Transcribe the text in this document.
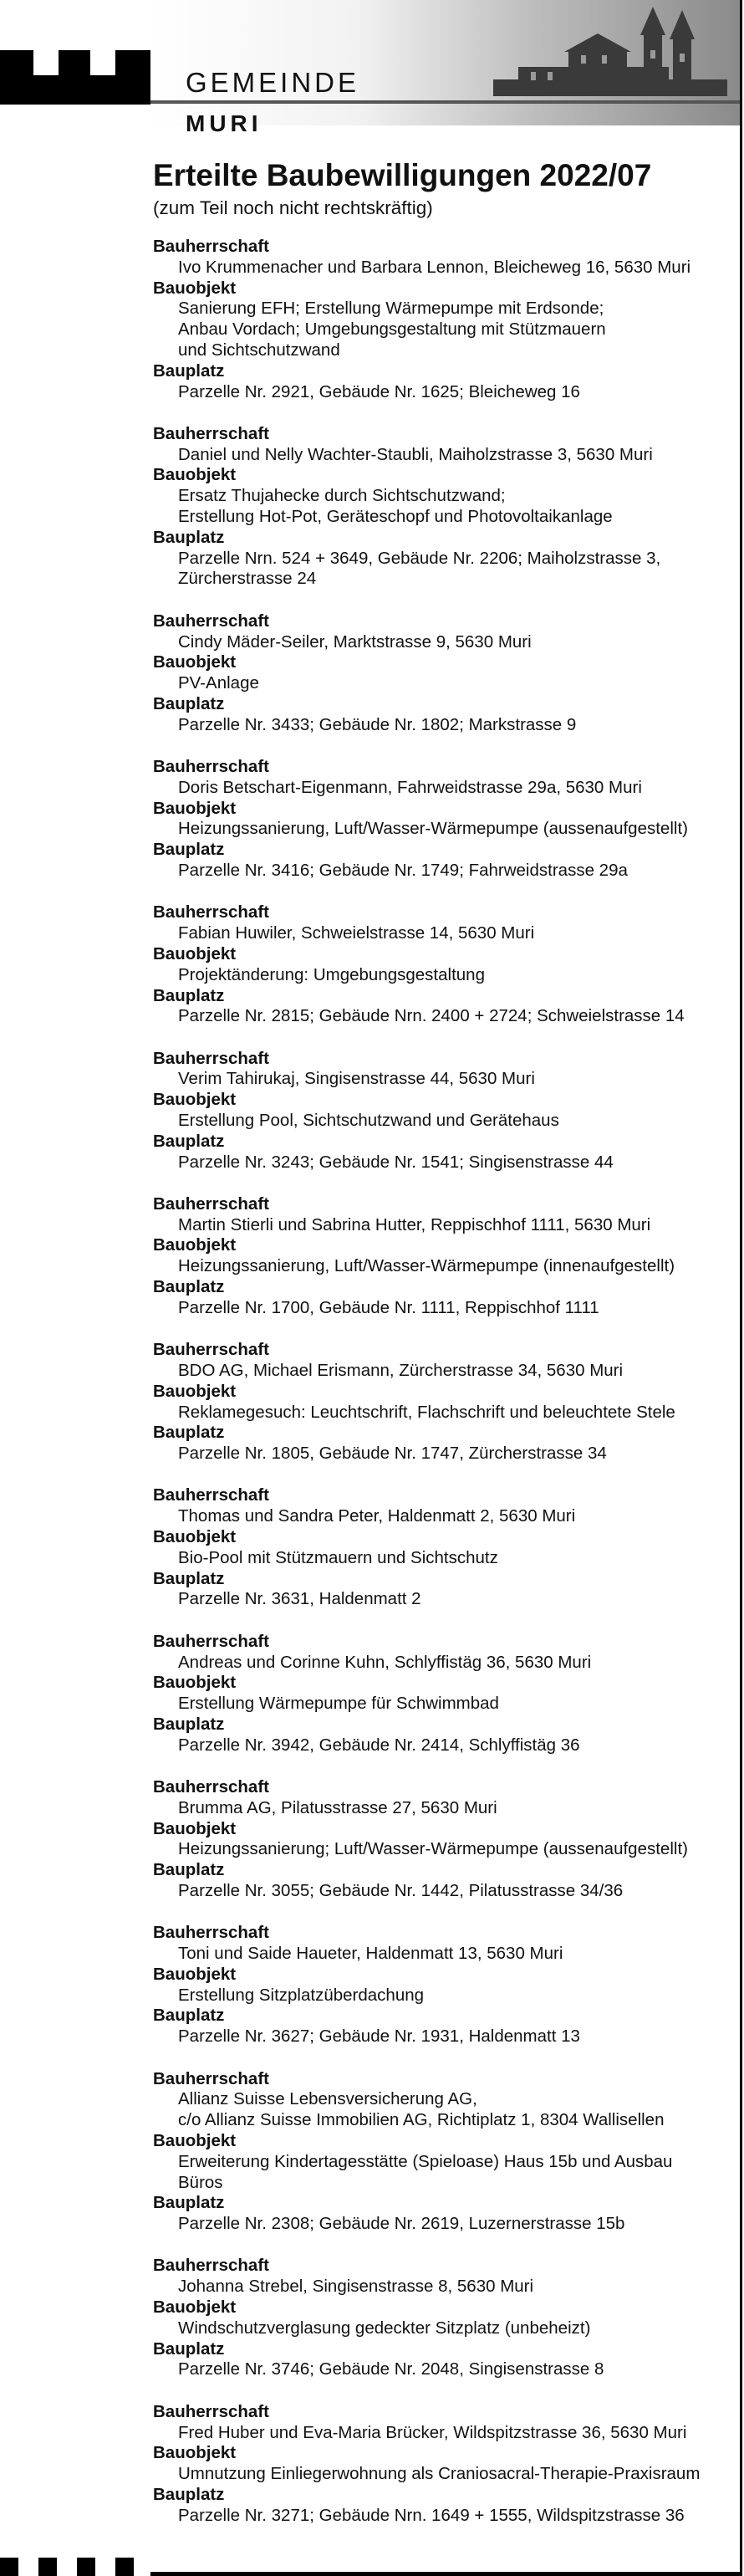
GEMEINDE
MURI
Erteilte Baubewilligungen 2022/07
(zum Teil noch nicht rechtskräftig)
Bauherrschaft
Ivo Krummenacher und Barbara Lennon, Bleicheweg 16, 5630 Muri
Bauobjekt
Sanierung EFH; Erstellung Wärmepumpe mit Erdsonde;
Anbau Vordach; Umgebungsgestaltung mit Stützmauern
und Sichtschutzwand
Bauplatz
Parzelle Nr. 2921, Gebäude Nr. 1625; Bleicheweg 16
Bauherrschaft
Daniel und Nelly Wachter-Staubli, Maiholzstrasse 3, 5630 Muri
Bauobjekt
Ersatz Thujahecke durch Sichtschutzwand;
Erstellung Hot-Pot, Geräteschopf und Photovoltaikanlage
Bauplatz
Parzelle Nrn. 524 + 3649, Gebäude Nr. 2206; Maiholzstrasse 3,
Zürcherstrasse 24
Bauherrschaft
Cindy Mäder-Seiler, Marktstrasse 9, 5630 Muri
Bauobjekt
PV-Anlage
Bauplatz
Parzelle Nr. 3433; Gebäude Nr. 1802; Markstrasse 9
Bauherrschaft
Doris Betschart-Eigenmann, Fahrweidstrasse 29a, 5630 Muri
Bauobjekt
Heizungssanierung, Luft/Wasser-Wärmepumpe (aussenaufgestellt)
Bauplatz
Parzelle Nr. 3416; Gebäude Nr. 1749; Fahrweidstrasse 29a
Bauherrschaft
Fabian Huwiler, Schweielstrasse 14, 5630 Muri
Bauobjekt
Projektänderung: Umgebungsgestaltung
Bauplatz
Parzelle Nr. 2815; Gebäude Nrn. 2400 + 2724; Schweielstrasse 14
Bauherrschaft
Verim Tahirukaj, Singisenstrasse 44, 5630 Muri
Bauobjekt
Erstellung Pool, Sichtschutzwand und Gerätehaus
Bauplatz
Parzelle Nr. 3243; Gebäude Nr. 1541; Singisenstrasse 44
Bauherrschaft
Martin Stierli und Sabrina Hutter, Reppischhof 1111, 5630 Muri
Bauobjekt
Heizungssanierung, Luft/Wasser-Wärmepumpe (innenaufgestellt)
Bauplatz
Parzelle Nr. 1700, Gebäude Nr. 1111, Reppischhof 1111
Bauherrschaft
BDO AG, Michael Erismann, Zürcherstrasse 34, 5630 Muri
Bauobjekt
Reklamegesuch: Leuchtschrift, Flachschrift und beleuchtete Stele
Bauplatz
Parzelle Nr. 1805, Gebäude Nr. 1747, Zürcherstrasse 34
Bauherrschaft
Thomas und Sandra Peter, Haldenmatt 2, 5630 Muri
Bauobjekt
Bio-Pool mit Stützmauern und Sichtschutz
Bauplatz
Parzelle Nr. 3631, Haldenmatt 2
Bauherrschaft
Andreas und Corinne Kuhn, Schlyffistäg 36, 5630 Muri
Bauobjekt
Erstellung Wärmepumpe für Schwimmbad
Bauplatz
Parzelle Nr. 3942, Gebäude Nr. 2414, Schlyffistäg 36
Bauherrschaft
Brumma AG, Pilatusstrasse 27, 5630 Muri
Bauobjekt
Heizungssanierung; Luft/Wasser-Wärmepumpe (aussenaufgestellt)
Bauplatz
Parzelle Nr. 3055; Gebäude Nr. 1442, Pilatusstrasse 34/36
Bauherrschaft
Toni und Saide Haueter, Haldenmatt 13, 5630 Muri
Bauobjekt
Erstellung Sitzplatzüberdachung
Bauplatz
Parzelle Nr. 3627; Gebäude Nr. 1931, Haldenmatt 13
Bauherrschaft
Allianz Suisse Lebensversicherung AG,
c/o Allianz Suisse Immobilien AG, Richtiplatz 1, 8304 Wallisellen
Bauobjekt
Erweiterung Kindertagesstätte (Spieloase) Haus 15b und Ausbau
Büros
Bauplatz
Parzelle Nr. 2308; Gebäude Nr. 2619, Luzernerstrasse 15b
Bauherrschaft
Johanna Strebel, Singisenstrasse 8, 5630 Muri
Bauobjekt
Windschutzverglasung gedeckter Sitzplatz (unbeheizt)
Bauplatz
Parzelle Nr. 3746; Gebäude Nr. 2048, Singisenstrasse 8
Bauherrschaft
Fred Huber und Eva-Maria Brücker, Wildspitzstrasse 36, 5630 Muri
Bauobjekt
Umnutzung Einliegerwohnung als Craniosacral-Therapie-Praxisraum
Bauplatz
Parzelle Nr. 3271; Gebäude Nrn. 1649 + 1555, Wildspitzstrasse 36
